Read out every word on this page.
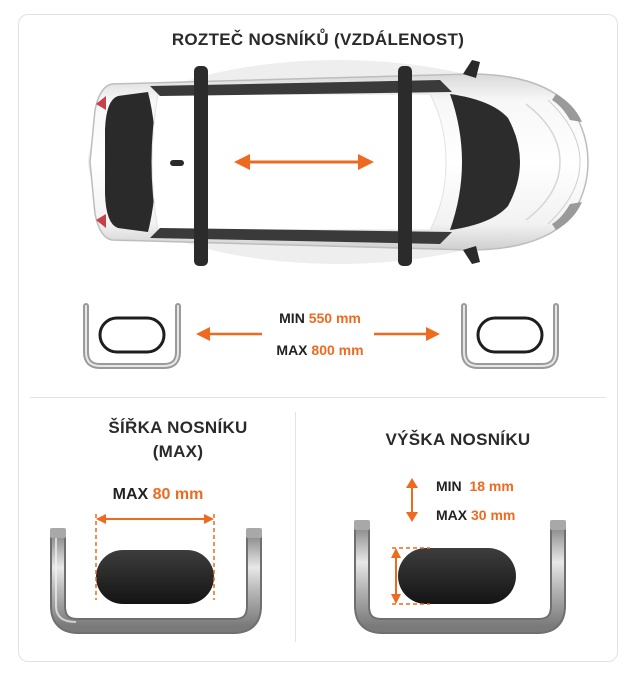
ROZTEČ NOSNÍKŮ (VZDÁLENOST)
MIN 550 mm
MAX 800 mm
ŠÍŘKA NOSNÍKU
(MAX)
MAX 80 mm
VÝŠKA NOSNÍKU
MIN 18 mm
MAX 30 mm
